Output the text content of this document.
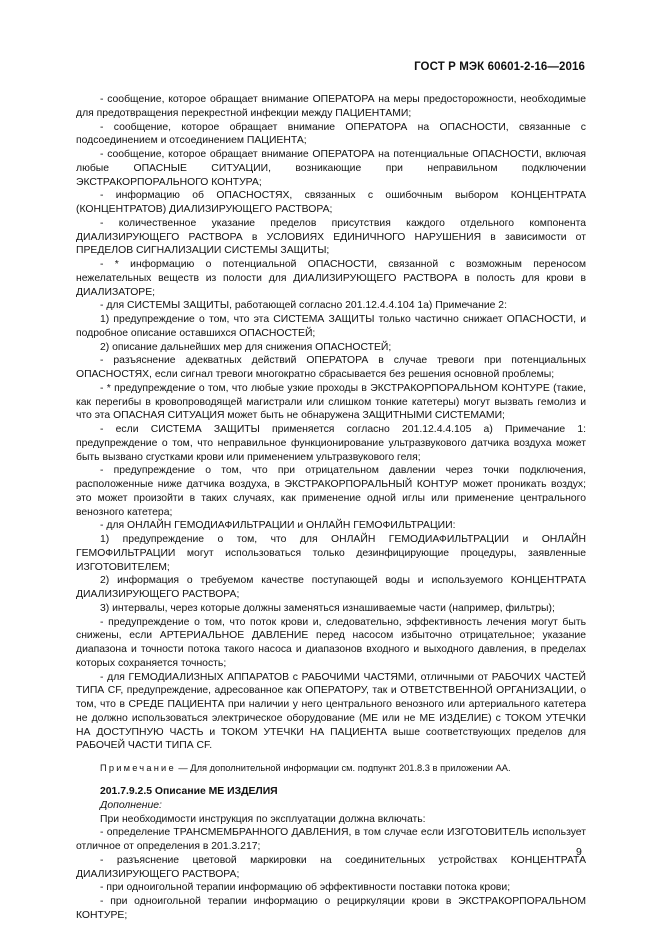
ГОСТ Р МЭК 60601-2-16—2016

- сообщение, которое обращает внимание ОПЕРАТОРА на меры предосторожности, необходимые для предотвращения перекрестной инфекции между ПАЦИЕНТАМИ;

- сообщение, которое обращает внимание ОПЕРАТОРА на ОПАСНОСТИ, связанные с подсоединением и отсоединением ПАЦИЕНТА;

- сообщение, которое обращает внимание ОПЕРАТОРА на потенциальные ОПАСНОСТИ, включая любые ОПАСНЫЕ СИТУАЦИИ, возникающие при неправильном подключении ЭКСТРАКОРПОРАЛЬНОГО КОНТУРА;

- информацию об ОПАСНОСТЯХ, связанных с ошибочным выбором КОНЦЕНТРАТА (КОНЦЕНТРАТОВ) ДИАЛИЗИРУЮЩЕГО РАСТВОРА;

- количественное указание пределов присутствия каждого отдельного компонента ДИАЛИЗИРУЮЩЕГО РАСТВОРА в УСЛОВИЯХ ЕДИНИЧНОГО НАРУШЕНИЯ в зависимости от ПРЕДЕЛОВ СИГНАЛИЗАЦИИ СИСТЕМЫ ЗАЩИТЫ;

- * информацию о потенциальной ОПАСНОСТИ, связанной с возможным переносом нежелательных веществ из полости для ДИАЛИЗИРУЮЩЕГО РАСТВОРА в полость для крови в ДИАЛИЗАТОРЕ;

- для СИСТЕМЫ ЗАЩИТЫ, работающей согласно 201.12.4.4.104 1а) Примечание 2:

1) предупреждение о том, что эта СИСТЕМА ЗАЩИТЫ только частично снижает ОПАСНОСТИ, и подробное описание оставшихся ОПАСНОСТЕЙ;

2) описание дальнейших мер для снижения ОПАСНОСТЕЙ;

- разъяснение адекватных действий ОПЕРАТОРА в случае тревоги при потенциальных ОПАСНОСТЯХ, если сигнал тревоги многократно сбрасывается без решения основной проблемы;

- * предупреждение о том, что любые узкие проходы в ЭКСТРАКОРПОРАЛЬНОМ КОНТУРЕ (такие, как перегибы в кровопроводящей магистрали или слишком тонкие катетеры) могут вызвать гемолиз и что эта ОПАСНАЯ СИТУАЦИЯ может быть не обнаружена ЗАЩИТНЫМИ СИСТЕМАМИ;

- если СИСТЕМА ЗАЩИТЫ применяется согласно 201.12.4.4.105 а) Примечание 1: предупреждение о том, что неправильное функционирование ультразвукового датчика воздуха может быть вызвано сгустками крови или применением ультразвукового геля;

- предупреждение о том, что при отрицательном давлении через точки подключения, расположенные ниже датчика воздуха, в ЭКСТРАКОРПОРАЛЬНЫЙ КОНТУР может проникать воздух; это может произойти в таких случаях, как применение одной иглы или применение центрального венозного катетера;

- для ОНЛАЙН ГЕМОДИАФИЛЬТРАЦИИ и ОНЛАЙН ГЕМОФИЛЬТРАЦИИ:

1) предупреждение о том, что для ОНЛАЙН ГЕМОДИАФИЛЬТРАЦИИ и ОНЛАЙН ГЕМОФИЛЬТРАЦИИ могут использоваться только дезинфицирующие процедуры, заявленные ИЗГОТОВИТЕЛЕМ;

2) информация о требуемом качестве поступающей воды и используемого КОНЦЕНТРАТА ДИАЛИЗИРУЮЩЕГО РАСТВОРА;

3) интервалы, через которые должны заменяться изнашиваемые части (например, фильтры);

- предупреждение о том, что поток крови и, следовательно, эффективность лечения могут быть снижены, если АРТЕРИАЛЬНОЕ ДАВЛЕНИЕ перед насосом избыточно отрицательное; указание диапазона и точности потока такого насоса и диапазонов входного и выходного давления, в пределах которых сохраняется точность;

- для ГЕМОДИАЛИЗНЫХ АППАРАТОВ с РАБОЧИМИ ЧАСТЯМИ, отличными от РАБОЧИХ ЧАСТЕЙ ТИПА CF, предупреждение, адресованное как ОПЕРАТОРУ, так и ОТВЕТСТВЕННОЙ ОРГАНИЗАЦИИ, о том, что в СРЕДЕ ПАЦИЕНТА при наличии у него центрального венозного или артериального катетера не должно использоваться электрическое оборудование (МЕ или не МЕ ИЗДЕЛИЕ) с ТОКОМ УТЕЧКИ НА ДОСТУПНУЮ ЧАСТЬ и ТОКОМ УТЕЧКИ НА ПАЦИЕНТА выше соответствующих пределов для РАБОЧЕЙ ЧАСТИ ТИПА CF.

Примечание — Для дополнительной информации см. подпункт 201.8.3 в приложении АА.

201.7.9.2.5 Описание МЕ ИЗДЕЛИЯ

Дополнение:

При необходимости инструкция по эксплуатации должна включать:

- определение ТРАНСМЕМБРАННОГО ДАВЛЕНИЯ, в том случае если ИЗГОТОВИТЕЛЬ использует отличное от определения в 201.3.217;

- разъяснение цветовой маркировки на соединительных устройствах КОНЦЕНТРАТА ДИАЛИЗИРУЮЩЕГО РАСТВОРА;

- при одноигольной терапии информацию об эффективности поставки потока крови;

- при одноигольной терапии информацию о рециркуляции крови в ЭКСТРАКОРПОРАЛЬНОМ КОНТУРЕ;

9
